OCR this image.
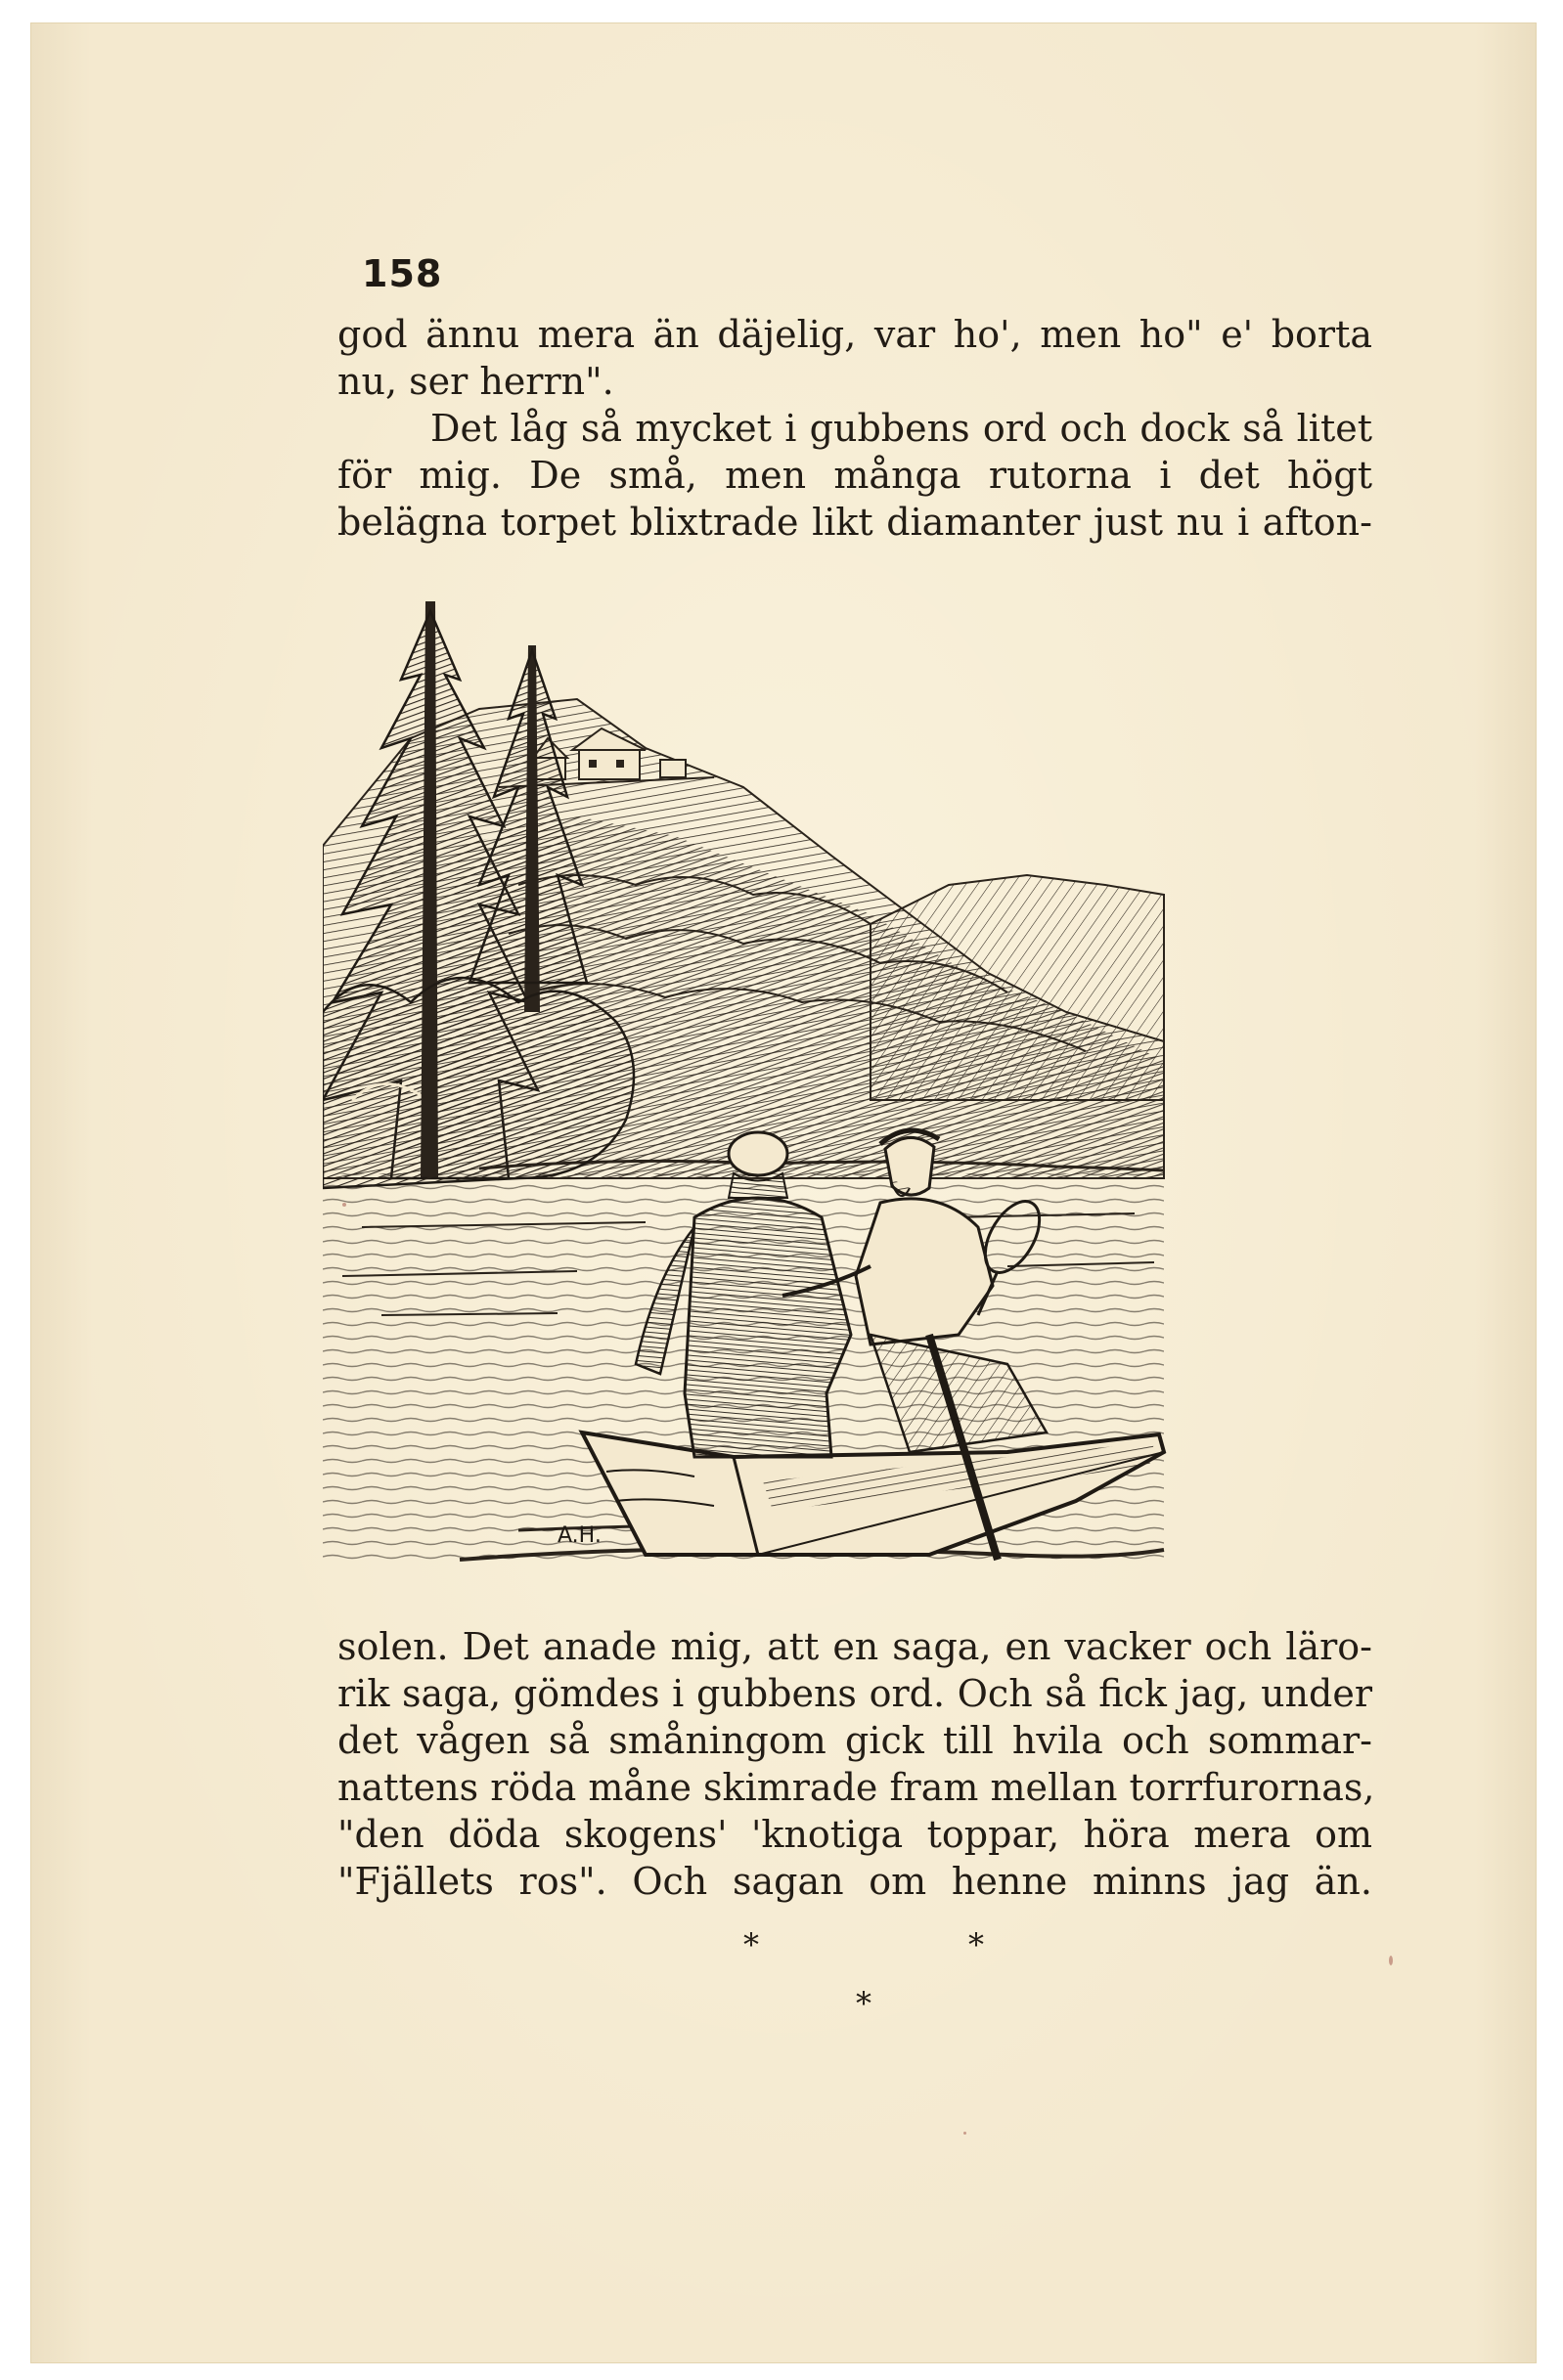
158
god ännu mera än däjelig, var ho', men ho" e' borta
nu, ser herrn".
Det låg så mycket i gubbens ord och dock så litet
för mig. De små, men många rutorna i det högt
belägna torpet blixtrade likt diamanter just nu i afton-
A.H.
solen. Det anade mig, att en saga, en vacker och läro-
rik saga, gömdes i gubbens ord. Och så fick jag, under
det vågen så småningom gick till hvila och sommar-
nattens röda måne skimrade fram mellan torrfurornas,
"den döda skogens' 'knotiga toppar, höra mera om
"Fjällets ros". Och sagan om henne minns jag än.
*	*
*
